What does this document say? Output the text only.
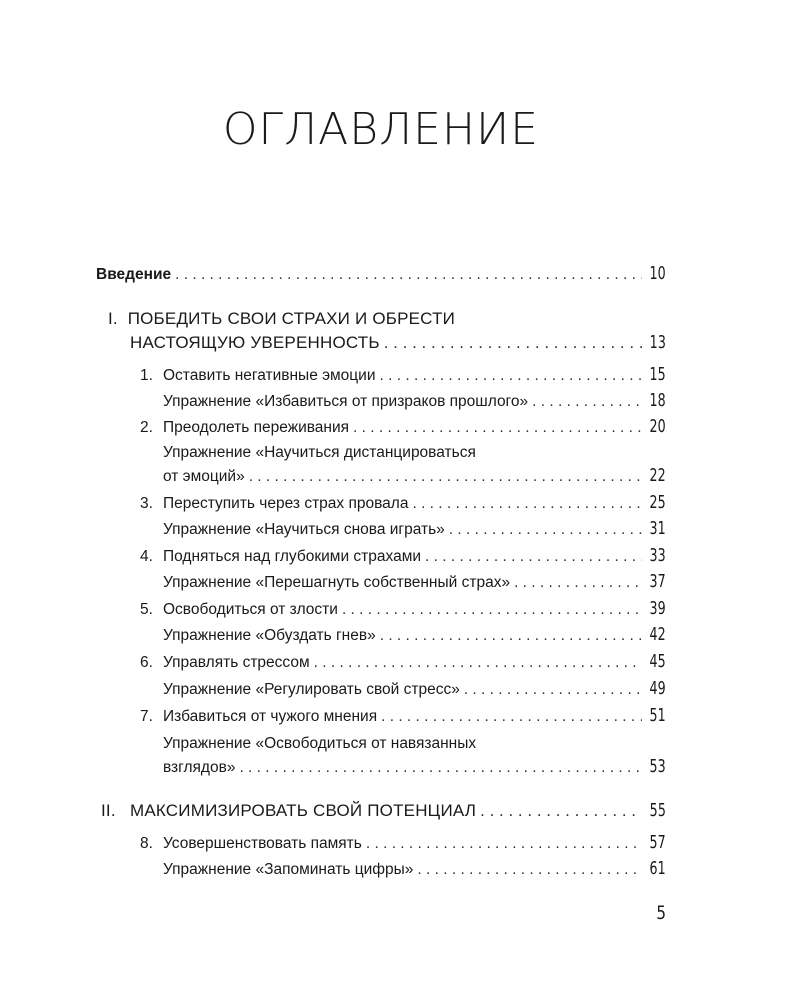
ОГЛАВЛЕНИЕ
Введение . . .	10
I. ПОБЕДИТЬ СВОИ СТРАХИ И ОБРЕСТИ
НАСТОЯЩУЮ УВЕРЕННОСТЬ . . .	13
1. Оставить негативные эмоции . . .	15
Упражнение «Избавиться от призраков прошлого» . . .	18
2. Преодолеть переживания . . .	20
Упражнение «Научиться дистанцироваться
от эмоций» . . .	22
3. Переступить через страх провала . . .	25
Упражнение «Научиться снова играть» . . .	31
4. Подняться над глубокими страхами . . .	33
Упражнение «Перешагнуть собственный страх» . . .	37
5. Освободиться от злости . . .	39
Упражнение «Обуздать гнев» . . .	42
6. Управлять стрессом . . .	45
Упражнение «Регулировать свой стресс» . . .	49
7. Избавиться от чужого мнения . . .	51
Упражнение «Освободиться от навязанных
взглядов» . . .	53
II. МАКСИМИЗИРОВАТЬ СВОЙ ПОТЕНЦИАЛ . . .	55
8. Усовершенствовать память . . .	57
Упражнение «Запоминать цифры» . . .	61
5
